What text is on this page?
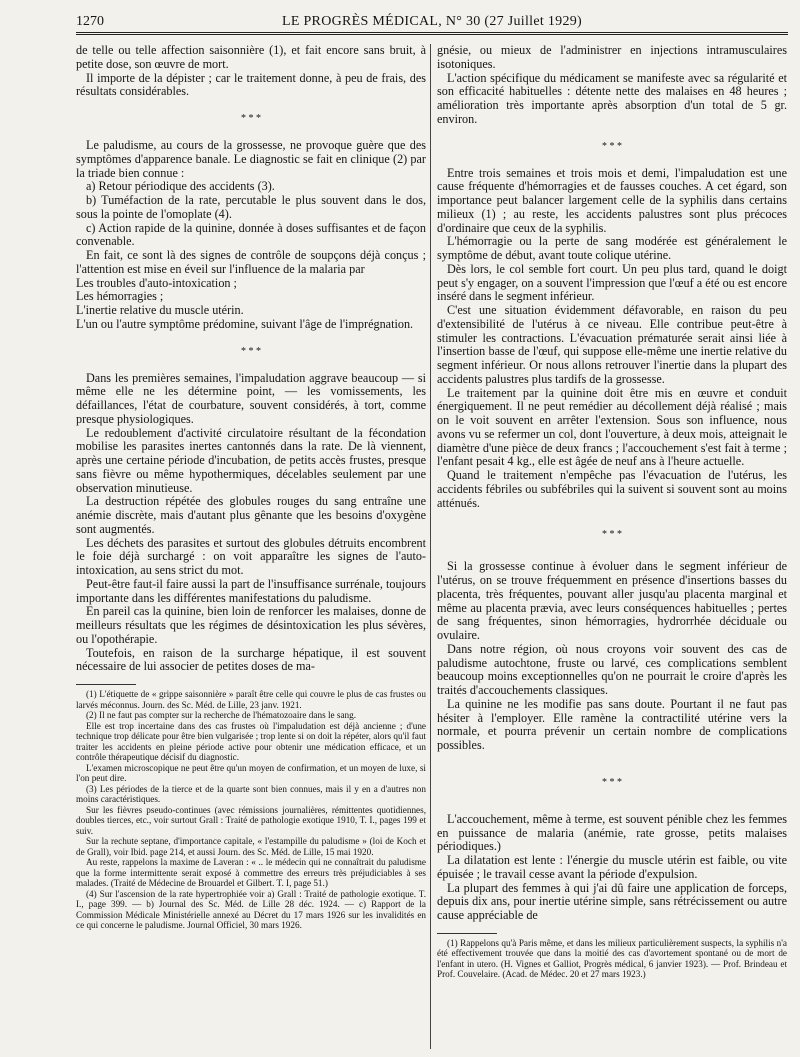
1270	LE PROGRÈS MÉDICAL, N° 30 (27 Juillet 1929)

de telle ou telle affection saisonnière (1), et fait encore sans bruit, à petite dose, son œuvre de mort.

Il importe de la dépister ; car le traitement donne, à peu de frais, des résultats considérables.

* * *

Le paludisme, au cours de la grossesse, ne provoque guère que des symptômes d'apparence banale. Le diagnostic se fait en clinique (2) par la triade bien connue :

a) Retour périodique des accidents (3).

b) Tuméfaction de la rate, percutable le plus souvent dans le dos, sous la pointe de l'omoplate (4).

c) Action rapide de la quinine, donnée à doses suffisantes et de façon convenable.

En fait, ce sont là des signes de contrôle de soupçons déjà conçus ; l'attention est mise en éveil sur l'influence de la malaria par

Les troubles d'auto-intoxication ;

Les hémorragies ;

L'inertie relative du muscle utérin.

L'un ou l'autre symptôme prédomine, suivant l'âge de l'imprégnation.

* * *

Dans les premières semaines, l'impaludation aggrave beaucoup — si même elle ne les détermine point, — les vomissements, les défaillances, l'état de courbature, souvent considérés, à tort, comme presque physiologiques.

Le redoublement d'activité circulatoire résultant de la fécondation mobilise les parasites inertes cantonnés dans la rate. De là viennent, après une certaine période d'incubation, de petits accès frustes, presque sans fièvre ou même hypothermiques, décelables seulement par une observation minutieuse.

La destruction répétée des globules rouges du sang entraîne une anémie discrète, mais d'autant plus gênante que les besoins d'oxygène sont augmentés.

Les déchets des parasites et surtout des globules détruits encombrent le foie déjà surchargé : on voit apparaître les signes de l'auto-intoxication, au sens strict du mot.

Peut-être faut-il faire aussi la part de l'insuffisance surrénale, toujours importante dans les différentes manifestations du paludisme.

En pareil cas la quinine, bien loin de renforcer les malaises, donne de meilleurs résultats que les régimes de désintoxication les plus sévères, ou l'opothérapie.

Toutefois, en raison de la surcharge hépatique, il est souvent nécessaire de lui associer de petites doses de ma-

(1) L'étiquette de « grippe saisonnière » paraît être celle qui couvre le plus de cas frustes ou larvés méconnus. Journ. des Sc. Méd. de Lille, 23 janv. 1921.

(2) Il ne faut pas compter sur la recherche de l'hématozoaire dans le sang.

Elle est trop incertaine dans des cas frustes où l'impaludation est déjà ancienne ; d'une technique trop délicate pour être bien vulgarisée ; trop lente si on doit la répéter, alors qu'il faut traiter les accidents en pleine période active pour obtenir une médication efficace, et un contrôle thérapeutique décisif du diagnostic.

L'examen microscopique ne peut être qu'un moyen de confirmation, et un moyen de luxe, si l'on peut dire.

(3) Les périodes de la tierce et de la quarte sont bien connues, mais il y en a d'autres non moins caractéristiques.

Sur les fièvres pseudo-continues (avec rémissions journalières, rémittentes quotidiennes, doubles tierces, etc., voir surtout Grall : Traité de pathologie exotique 1910, T. I., pages 199 et suiv.

Sur la rechute septane, d'importance capitale, « l'estampille du paludisme » (loi de Koch et de Grall), voir Ibid. page 214, et aussi Journ. des Sc. Méd. de Lille, 15 mai 1920.

Au reste, rappelons la maxime de Laveran : « .. le médecin qui ne connaîtrait du paludisme que la forme intermittente serait exposé à commettre des erreurs très préjudiciables à ses malades. (Traité de Médecine de Brouardel et Gilbert. T. I, page 51.)

(4) Sur l'ascension de la rate hypertrophiée voir a) Grall : Traité de pathologie exotique. T. I., page 399. — b) Journal des Sc. Méd. de Lille 28 déc. 1924. — c) Rapport de la Commission Médicale Ministérielle annexé au Décret du 17 mars 1926 sur les invalidités en ce qui concerne le paludisme. Journal Officiel, 30 mars 1926.

gnésie, ou mieux de l'administrer en injections intramusculaires isotoniques.

L'action spécifique du médicament se manifeste avec sa régularité et son efficacité habituelles : détente nette des malaises en 48 heures ; amélioration très importante après absorption d'un total de 5 gr. environ.

* * *

Entre trois semaines et trois mois et demi, l'impaludation est une cause fréquente d'hémorragies et de fausses couches. A cet égard, son importance peut balancer largement celle de la syphilis dans certains milieux (1) ; au reste, les accidents palustres sont plus précoces d'ordinaire que ceux de la syphilis.

L'hémorragie ou la perte de sang modérée est généralement le symptôme de début, avant toute colique utérine.

Dès lors, le col semble fort court. Un peu plus tard, quand le doigt peut s'y engager, on a souvent l'impression que l'œuf a été ou est encore inséré dans le segment inférieur.

C'est une situation évidemment défavorable, en raison du peu d'extensibilité de l'utérus à ce niveau. Elle contribue peut-être à stimuler les contractions. L'évacuation prématurée serait ainsi liée à l'insertion basse de l'œuf, qui suppose elle-même une inertie relative du segment inférieur. Or nous allons retrouver l'inertie dans la plupart des accidents palustres plus tardifs de la grossesse.

Le traitement par la quinine doit être mis en œuvre et conduit énergiquement. Il ne peut remédier au décollement déjà réalisé ; mais on le voit souvent en arrêter l'extension. Sous son influence, nous avons vu se refermer un col, dont l'ouverture, à deux mois, atteignait le diamètre d'une pièce de deux francs ; l'accouchement s'est fait à terme ; l'enfant pesait 4 kg., elle est âgée de neuf ans à l'heure actuelle.

Quand le traitement n'empêche pas l'évacuation de l'utérus, les accidents fébriles ou subfébriles qui la suivent si souvent sont au moins atténués.

* * *

Si la grossesse continue à évoluer dans le segment inférieur de l'utérus, on se trouve fréquemment en présence d'insertions basses du placenta, très fréquentes, pouvant aller jusqu'au placenta marginal et même au placenta prævia, avec leurs conséquences habituelles ; pertes de sang fréquentes, sinon hémorragies, hydrorrhée déciduale ou ovulaire.

Dans notre région, où nous croyons voir souvent des cas de paludisme autochtone, fruste ou larvé, ces complications semblent beaucoup moins exceptionnelles qu'on ne pourrait le croire d'après les traités d'accouchements classiques.

La quinine ne les modifie pas sans doute. Pourtant il ne faut pas hésiter à l'employer. Elle ramène la contractilité utérine vers la normale, et pourra prévenir un certain nombre de complications possibles.

* * *

L'accouchement, même à terme, est souvent pénible chez les femmes en puissance de malaria (anémie, rate grosse, petits malaises périodiques.)

La dilatation est lente : l'énergie du muscle utérin est faible, ou vite épuisée ; le travail cesse avant la période d'expulsion.

La plupart des femmes à qui j'ai dû faire une application de forceps, depuis dix ans, pour inertie utérine simple, sans rétrécissement ou autre cause appréciable de

(1) Rappelons qu'à Paris même, et dans les milieux particulièrement suspects, la syphilis n'a été effectivement trouvée que dans la moitié des cas d'avortement spontané ou de mort de l'enfant in utero. (H. Vignes et Galliot, Progrès médical, 6 janvier 1923). — Prof. Brindeau et Prof. Couvelaire. (Acad. de Médec. 20 et 27 mars 1923.)
